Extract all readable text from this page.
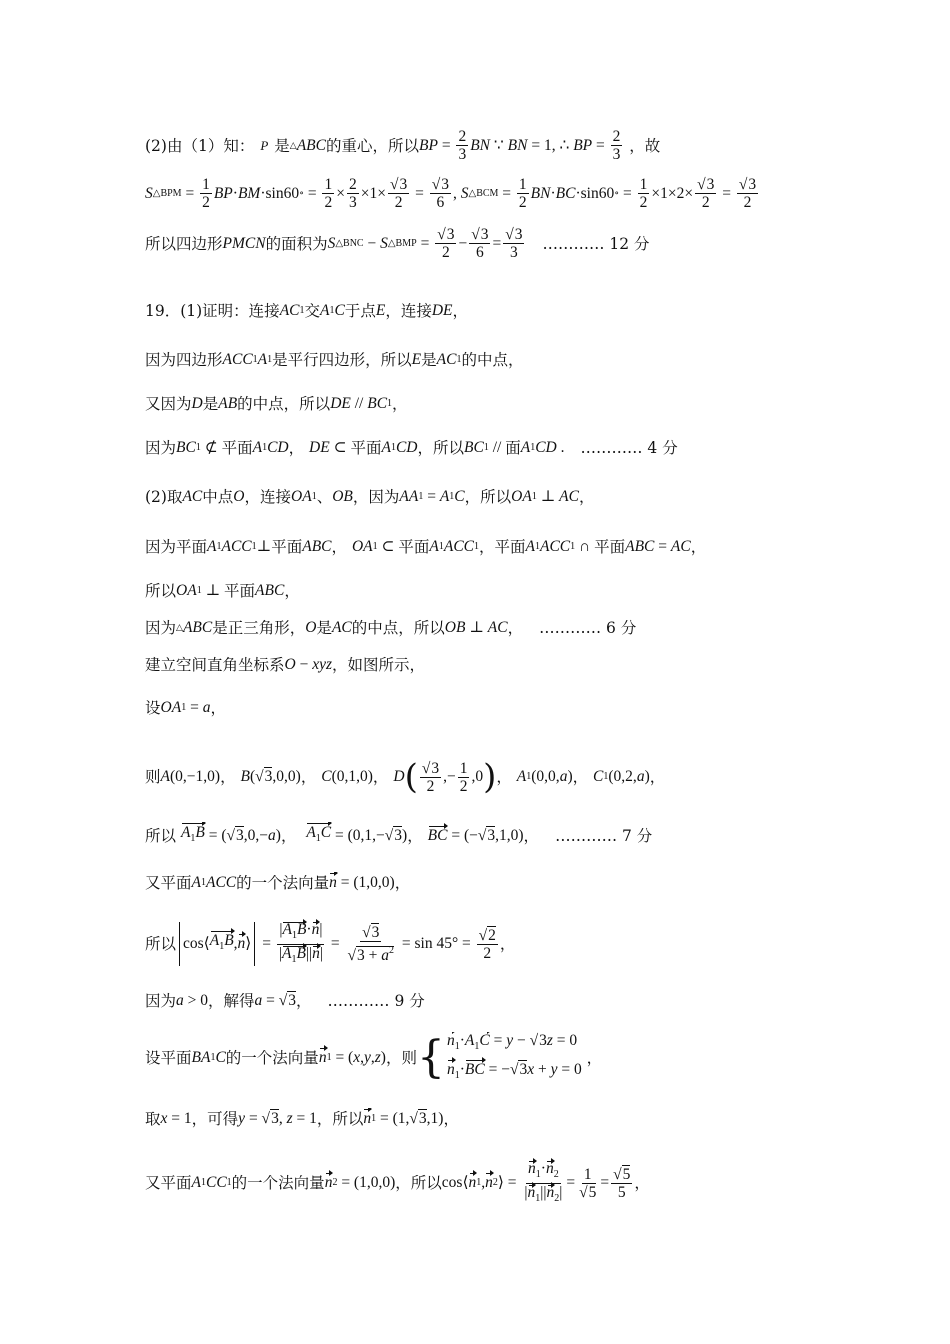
(2)由（1）知： P 是 △ ABC 的重心，所以 BP = $\frac{2}{3}$ BN ∵ BN = 1, ∴ BP = $\frac{2}{3}$ ，故
S △BPM = $\frac{1}{2}$ BP · BM ·sin60 ∘ = $\frac{1}{2} \times \frac{2}{3} \times 1\times \frac{√3}{2} = \frac{√3}{6}$ , S △BCM = $\frac{1}{2}$ BN · BC ·sin60 ∘ = $\frac{1}{2} \times 1\times 2\times \frac{√3}{2} = \frac{√3}{2}$
所以四边形 PMCN 的面积为 S △BNC − S △BMP = $\frac{√3}{2} - \frac{√3}{6} = \frac{√3}{3}$ ………… 12 分
19．(1)证明：连接 AC 1 交 A 1 C 于点 E ，连接 DE ，
因为四边形 ACC 1 A 1 是平行四边形，所以 E 是 AC 1 的中点，
又因为 D 是 AB 的中点，所以 DE // BC 1 ，
因为 BC 1 ⊄ 平面 A 1 CD ， DE ⊂ 平面 A 1 CD ，所以 BC 1 // 面 A 1 CD . ………… 4 分
(2)取 AC 中点 O ，连接 OA 1 、 OB ，因为 AA 1 = A 1 C ，所以 OA 1 ⊥ AC ，
因为平面 A 1 ACC 1 ⊥ 平面 ABC ， OA 1 ⊂ 平面 A 1 ACC 1 ，平面 A 1 ACC 1 ∩ 平面 ABC = AC ，
所以 OA 1 ⊥ 平面 ABC ，
因为 △ ABC 是正三角形， O 是 AC 的中点，所以 OB ⊥ AC ， ………… 6 分
建立空间直角坐标系 O − xyz ，如图所示，
设 OA 1 = a ，
则 A (0,−1,0) ， B (√3,0,0) ， C (0,1,0) ， D ( $\frac{√3}{2}$ ,− $\frac{1}{2} ,0$ ) ， A 1 (0,0, a ) ， C 1 (0,2, a ) ，
所以 $A_1B = (√3,0,- a$ ) ， $A_1C = (0,1,-√3)$ ， BC = (−√3,1,0) ， ………… 7 分
又平面 A 1 ACC 的一个法向量 n = (1,0,0) ，
所以 cos⟨ $A_1B$ , n ⟩ = $\frac{|A_1B\cdot n|}{|A_1B||n|} = \frac{√3}{√3 + a^2} = \sin 45^\circ = \frac{√2}{2}$ ，
因为 a > 0 ，解得 a = √3 ， ………… 9 分
设平面 BA 1 C 的一个法向量 n 1 = ( x , y , z ) ，则 { $n_1\cdot A_1C = y - √3z = 0$
$n_1\cdot BC = -√3x + y = 0$
，
取 x = 1 ，可得 y = √3, z = 1 ，所以 n 1 = (1,√3,1) ，
又平面 A 1 CC 1 的一个法向量 n 2 = (1,0,0) ，所以 cos⟨ n 1 , n 2 ⟩ = $\frac{n_1\cdot n_2}{|n_1||n_2|} = \frac{1}{√5} = \frac{√5}{5}$ ，
